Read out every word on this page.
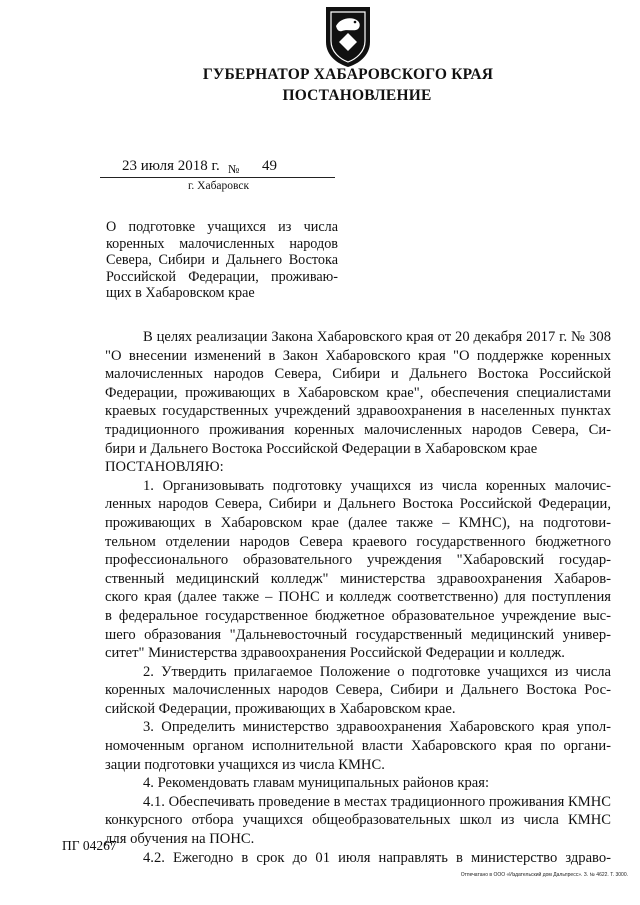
ГУБЕРНАТОР ХАБАРОВСКОГО КРАЯ
ПОСТАНОВЛЕНИЕ
23 июля 2018 г. № 49
г. Хабаровск
О подготовке учащихся из числа
коренных малочисленных народов
Севера, Сибири и Дальнего Востока
Российской Федерации, проживаю-
щих в Хабаровском крае
В целях реализации Закона Хабаровского края от 20 декабря 2017 г. № 308
"О внесении изменений в Закон Хабаровского края "О поддержке коренных
малочисленных народов Севера, Сибири и Дальнего Востока Российской
Федерации, проживающих в Хабаровском крае", обеспечения специалистами
краевых государственных учреждений здравоохранения в населенных пунктах
традиционного проживания коренных малочисленных народов Севера, Си-
бири и Дальнего Востока Российской Федерации в Хабаровском крае
ПОСТАНОВЛЯЮ:
1. Организовывать подготовку учащихся из числа коренных малочис-
ленных народов Севера, Сибири и Дальнего Востока Российской Федерации,
проживающих в Хабаровском крае (далее также – КМНС), на подготови-
тельном отделении народов Севера краевого государственного бюджетного
профессионального образовательного учреждения "Хабаровский государ-
ственный медицинский колледж" министерства здравоохранения Хабаров-
ского края (далее также – ПОНС и колледж соответственно) для поступления
в федеральное государственное бюджетное образовательное учреждение выс-
шего образования "Дальневосточный государственный медицинский универ-
ситет" Министерства здравоохранения Российской Федерации и колледж.
2. Утвердить прилагаемое Положение о подготовке учащихся из числа
коренных малочисленных народов Севера, Сибири и Дальнего Востока Рос-
сийской Федерации, проживающих в Хабаровском крае.
3. Определить министерство здравоохранения Хабаровского края упол-
номоченным органом исполнительной власти Хабаровского края по органи-
зации подготовки учащихся из числа КМНС.
4. Рекомендовать главам муниципальных районов края:
4.1. Обеспечивать проведение в местах традиционного проживания КМНС
конкурсного отбора учащихся общеобразовательных школ из числа КМНС
для обучения на ПОНС.
4.2. Ежегодно в срок до 01 июля направлять в министерство здраво-
ПГ 04267
Отпечатано в ООО «Издательский дом Дальпресс». З. № 4622. Т. 3000.
